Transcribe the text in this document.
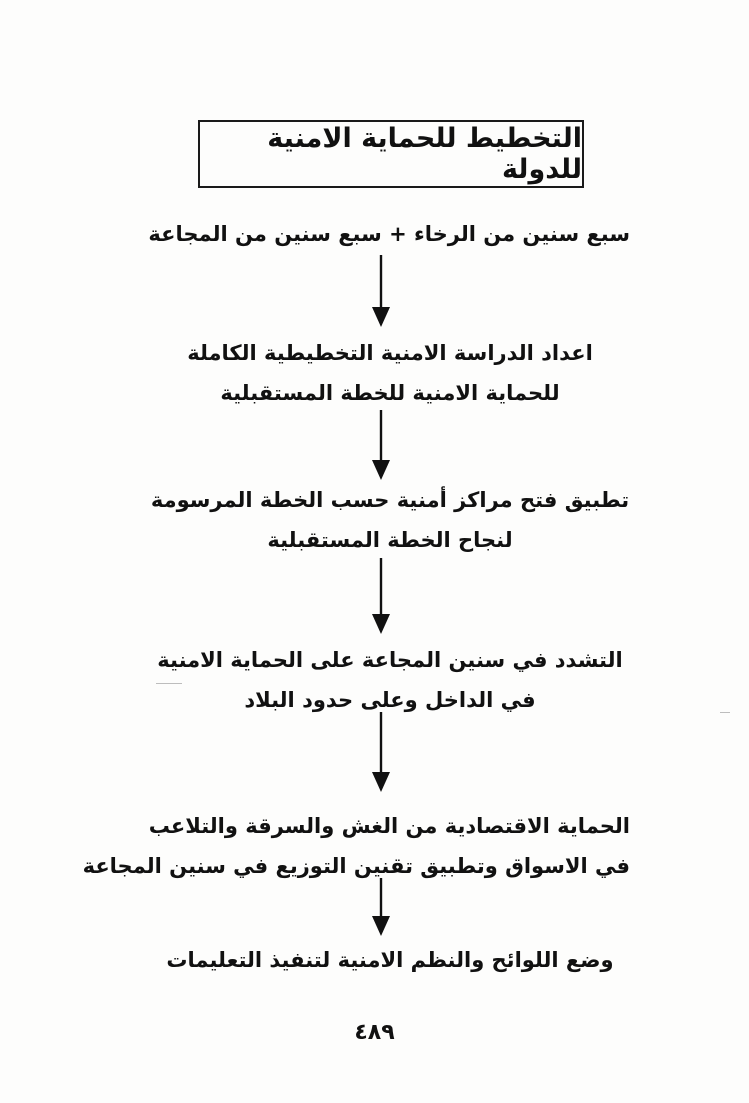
التخطيط للحماية الامنية للدولة
سبع سنين من الرخاء + سبع سنين من المجاعة
اعداد الدراسة الامنية التخطيطية الكاملة
للحماية الامنية للخطة المستقبلية
تطبيق فتح مراكز أمنية حسب الخطة المرسومة
لنجاح الخطة المستقبلية
التشدد في سنين المجاعة على الحماية الامنية
في الداخل وعلى حدود البلاد
الحماية الاقتصادية من الغش والسرقة والتلاعب
في الاسواق وتطبيق تقنين التوزيع في سنين المجاعة
وضع اللوائح والنظم الامنية لتنفيذ التعليمات
٤٨٩
